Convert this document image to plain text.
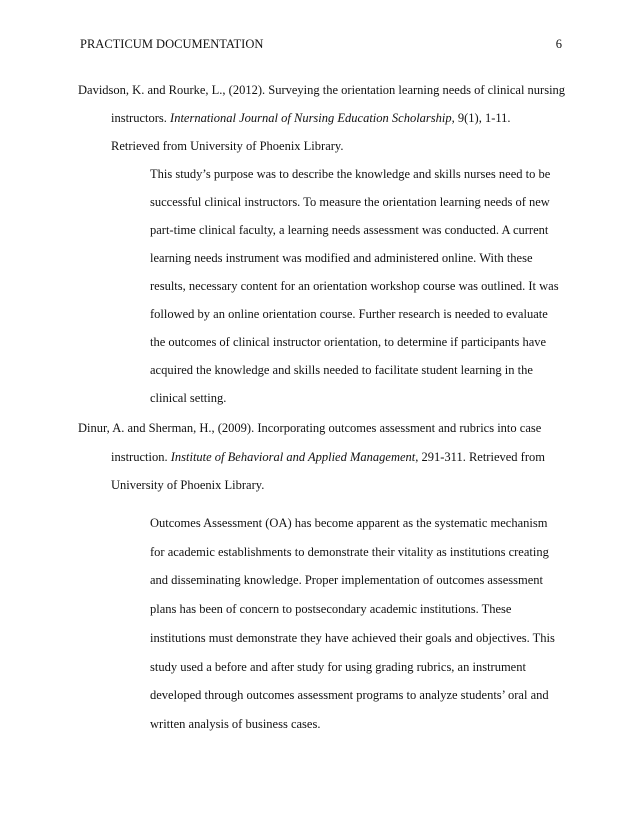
PRACTICUM DOCUMENTATION	6
Davidson, K. and Rourke, L., (2012). Surveying the orientation learning needs of clinical nursing
instructors. International Journal of Nursing Education Scholarship, 9(1), 1-11.
Retrieved from University of Phoenix Library.
This study’s purpose was to describe the knowledge and skills nurses need to be
successful clinical instructors. To measure the orientation learning needs of new
part-time clinical faculty, a learning needs assessment was conducted. A current
learning needs instrument was modified and administered online. With these
results, necessary content for an orientation workshop course was outlined. It was
followed by an online orientation course. Further research is needed to evaluate
the outcomes of clinical instructor orientation, to determine if participants have
acquired the knowledge and skills needed to facilitate student learning in the
clinical setting.
Dinur, A. and Sherman, H., (2009). Incorporating outcomes assessment and rubrics into case
instruction. Institute of Behavioral and Applied Management, 291-311. Retrieved from
University of Phoenix Library.
Outcomes Assessment (OA) has become apparent as the systematic mechanism
for academic establishments to demonstrate their vitality as institutions creating
and disseminating knowledge. Proper implementation of outcomes assessment
plans has been of concern to postsecondary academic institutions. These
institutions must demonstrate they have achieved their goals and objectives. This
study used a before and after study for using grading rubrics, an instrument
developed through outcomes assessment programs to analyze students’ oral and
written analysis of business cases.
